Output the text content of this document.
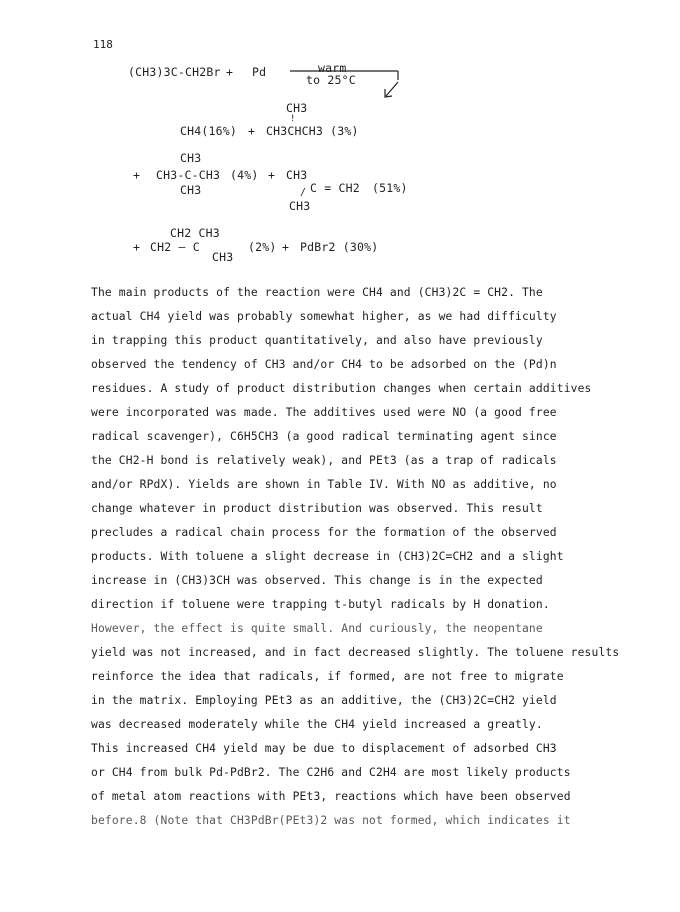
118
(CH3)3C-CH2Br + Pd	warm
to 25°C
CH3
!
CH4(16%) + CH3CHCH3 (3%)
CH3
+ CH3-C-CH3
CH3
(4%) + CH3
C = CH2
/
CH3
(51%)
CH2 CH3
+ CH2 — C
CH3
(2%) + PdBr2 (30%)
The main products of the reaction were CH4 and (CH3)2C = CH2. The
actual CH4 yield was probably somewhat higher, as we had difficulty
in trapping this product quantitatively, and also have previously
observed the tendency of CH3 and/or CH4 to be adsorbed on the (Pd)n
residues. A study of product distribution changes when certain additives
were incorporated was made. The additives used were NO (a good free
radical scavenger), C6H5CH3 (a good radical terminating agent since
the CH2-H bond is relatively weak), and PEt3 (as a trap of radicals
and/or RPdX). Yields are shown in Table IV. With NO as additive, no
change whatever in product distribution was observed. This result
precludes a radical chain process for the formation of the observed
products. With toluene a slight decrease in (CH3)2C=CH2 and a slight
increase in (CH3)3CH was observed. This change is in the expected
direction if toluene were trapping t-butyl radicals by H donation.
However, the effect is quite small. And curiously, the neopentane
yield was not increased, and in fact decreased slightly. The toluene results
reinforce the idea that radicals, if formed, are not free to migrate
in the matrix. Employing PEt3 as an additive, the (CH3)2C=CH2 yield
was decreased moderately while the CH4 yield increased a greatly.
This increased CH4 yield may be due to displacement of adsorbed CH3
or CH4 from bulk Pd-PdBr2. The C2H6 and C2H4 are most likely products
of metal atom reactions with PEt3, reactions which have been observed
before.8 (Note that CH3PdBr(PEt3)2 was not formed, which indicates it
